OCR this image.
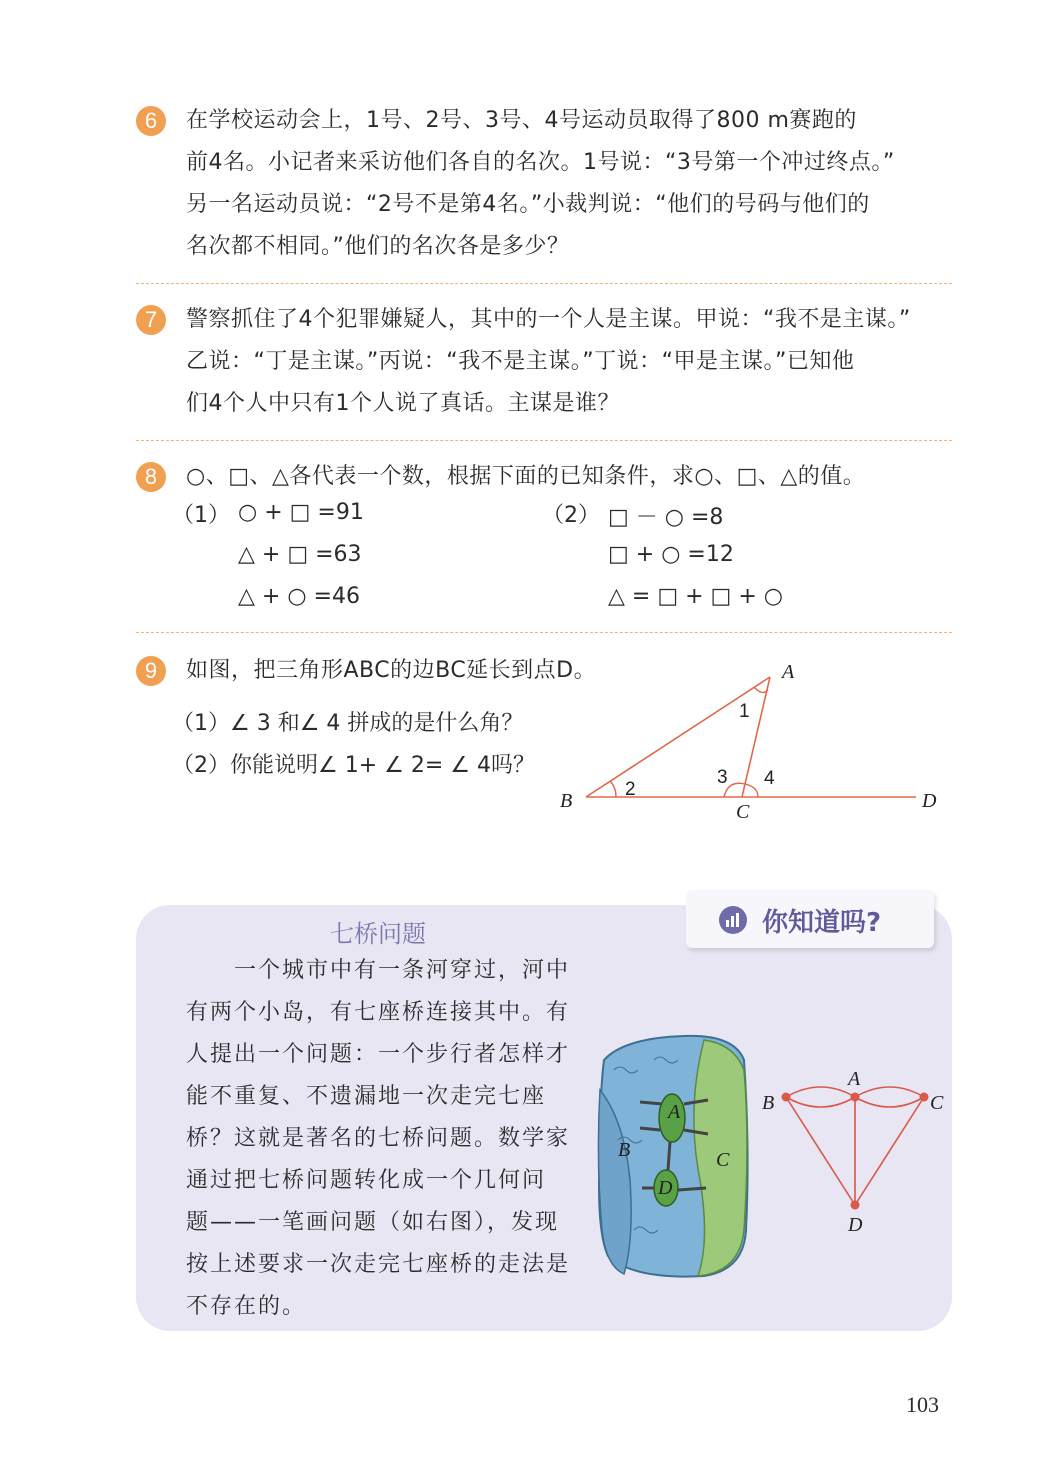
6	在学校运动会上，1号、2号、3号、4号运动员取得了800 m赛跑的
前4名。小记者来采访他们各自的名次。1号说：“3号第一个冲过终点。”
另一名运动员说：“2号不是第4名。”小裁判说：“他们的号码与他们的
名次都不相同。”他们的名次各是多少？
7	警察抓住了4个犯罪嫌疑人，其中的一个人是主谋。甲说：“我不是主谋。”
乙说：“丁是主谋。”丙说：“我不是主谋。”丁说：“甲是主谋。”已知他
们4个人中只有1个人说了真话。主谋是谁？
8	○、□、△各代表一个数，根据下面的已知条件，求○、□、△的值。
（1） ○ + □ =91
△ + □ =63
△ + ○ =46
（2） □ － ○ =8
□ + ○ =12
△ = □ + □ + ○
9	如图，把三角形ABC的边BC延长到点D。
（1）∠ 3 和∠ 4 拼成的是什么角？
（2）你能说明∠ 1+ ∠ 2= ∠ 4吗？
A
B	C	D
1
2
3 4
你知道吗?
七桥问题
　　一个城市中有一条河穿过，河中
有两个小岛，有七座桥连接其中。有
人提出一个问题：一个步行者怎样才
能不重复、不遗漏地一次走完七座
桥？这就是著名的七桥问题。数学家
通过把七桥问题转化成一个几何问
题——一笔画问题（如右图），发现
按上述要求一次走完七座桥的走法是
不存在的。
A
B	C
D
A
B	C
D
103
